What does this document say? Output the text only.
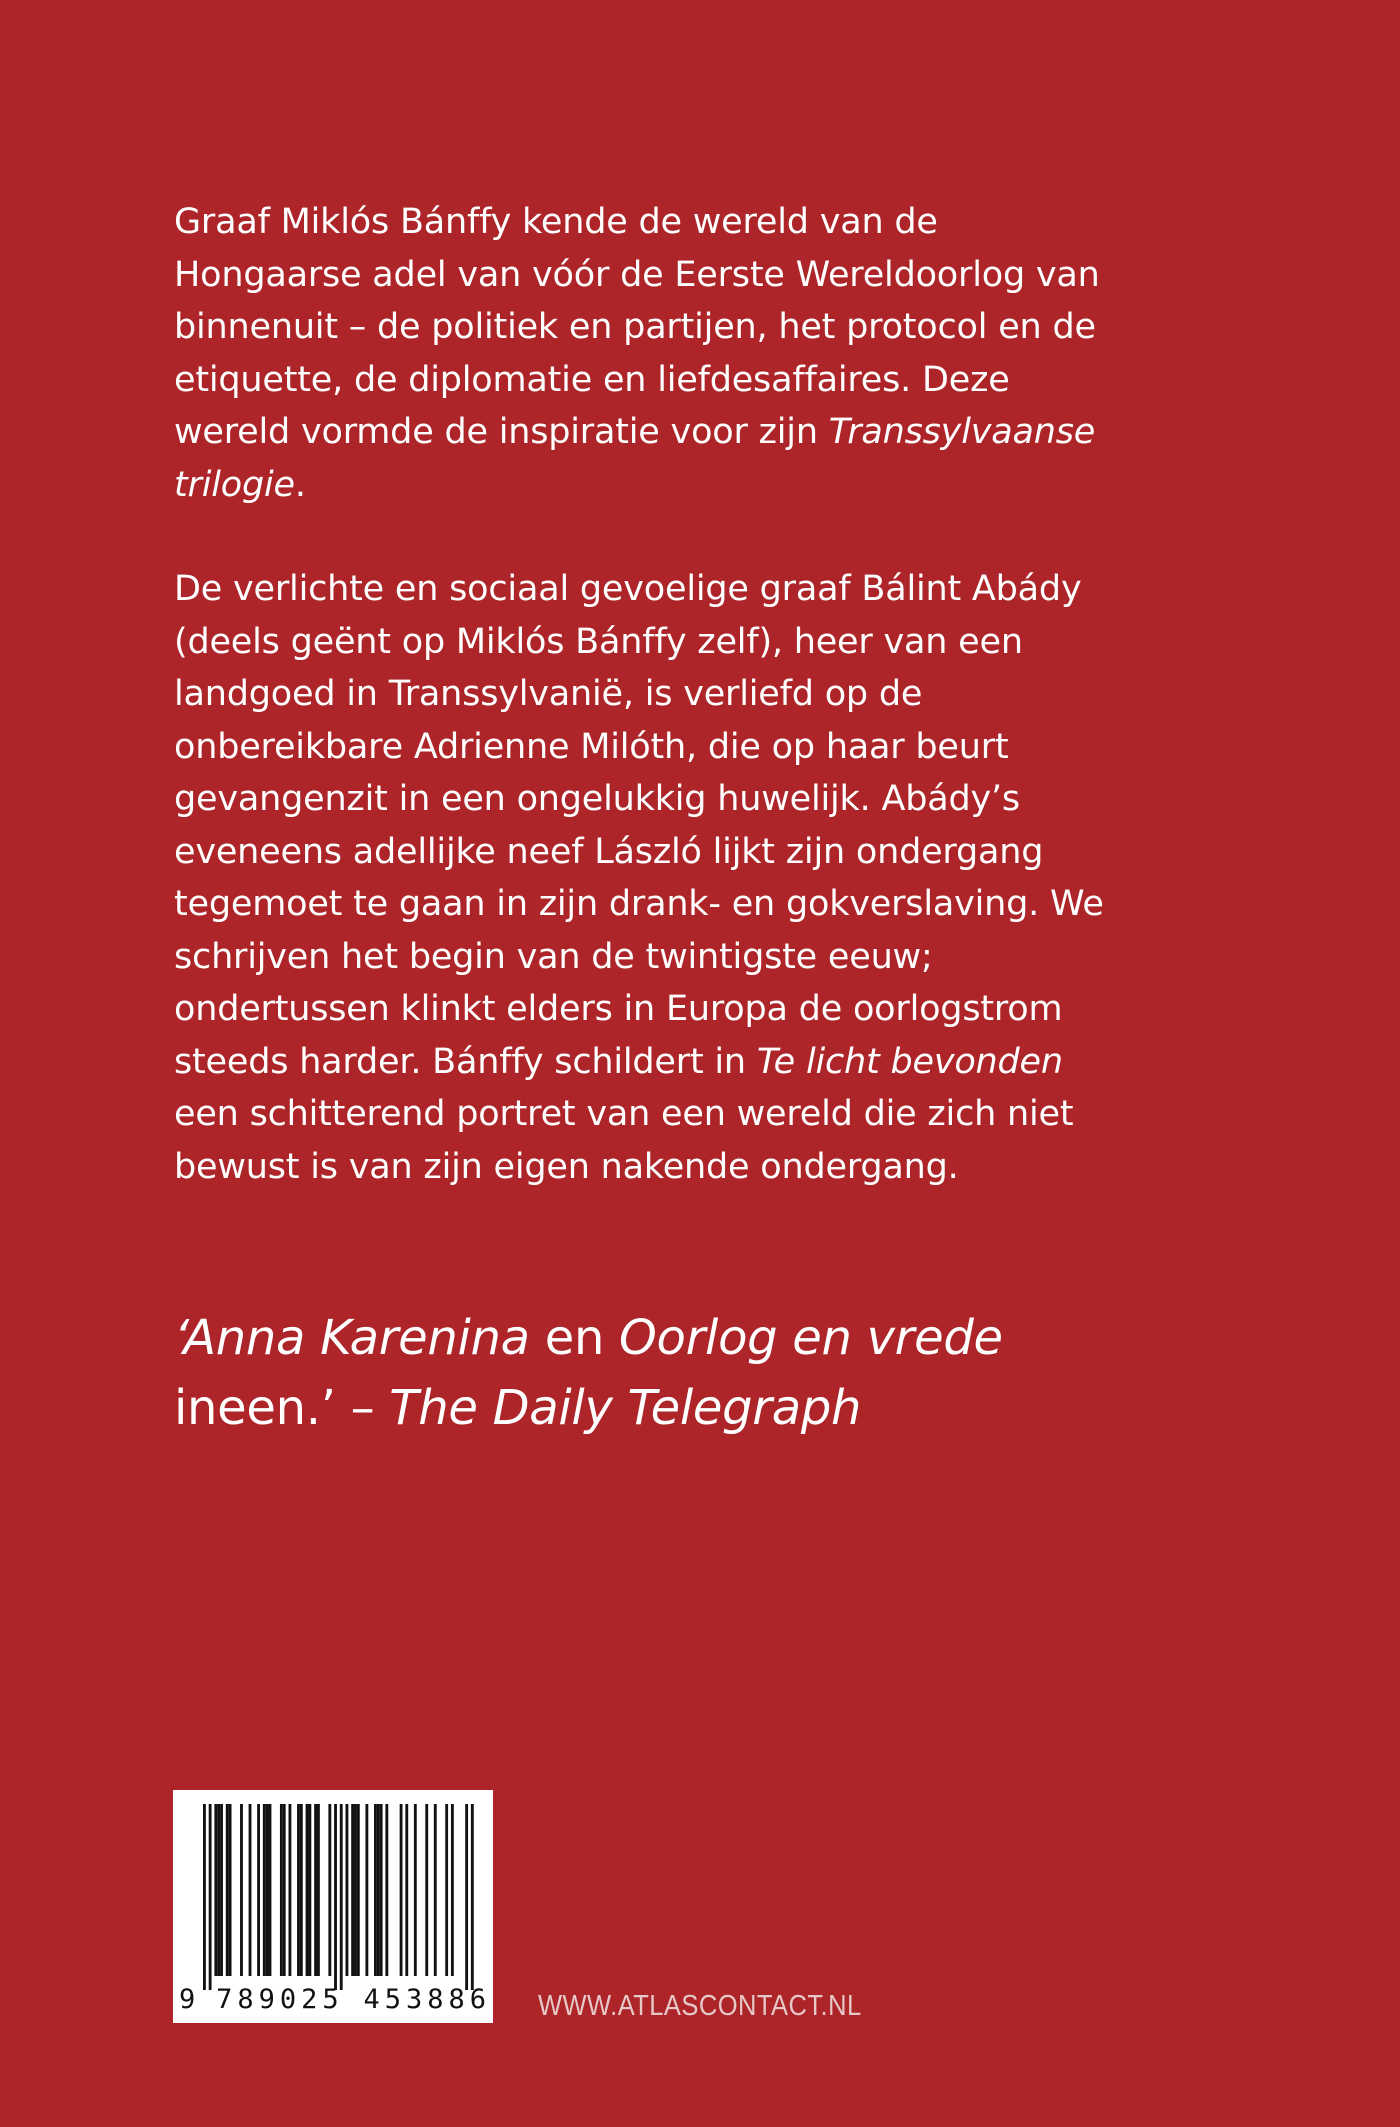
Graaf Miklós Bánffy kende de wereld van de Hongaarse adel van vóór de Eerste Wereldoorlog van binnenuit – de politiek en partijen, het protocol en de etiquette, de diplomatie en liefdesaffaires. Deze wereld vormde de inspiratie voor zijn Transsylvaanse trilogie.

De verlichte en sociaal gevoelige graaf Bálint Abády (deels geënt op Miklós Bánffy zelf), heer van een landgoed in Transsylvanië, is verliefd op de onbereikbare Adrienne Milóth, die op haar beurt gevangenzit in een ongelukkig huwelijk. Abády’s eveneens adellijke neef László lijkt zijn ondergang tegemoet te gaan in zijn drank- en gokverslaving. We schrijven het begin van de twintigste eeuw; ondertussen klinkt elders in Europa de oorlogstrom steeds harder. Bánffy schildert in Te licht bevonden een schitterend portret van een wereld die zich niet bewust is van zijn eigen nakende ondergang.

‘Anna Karenina en Oorlog en vrede ineen.’ – The Daily Telegraph
9 789025 453886 WWW.ATLASCONTACT.NL
